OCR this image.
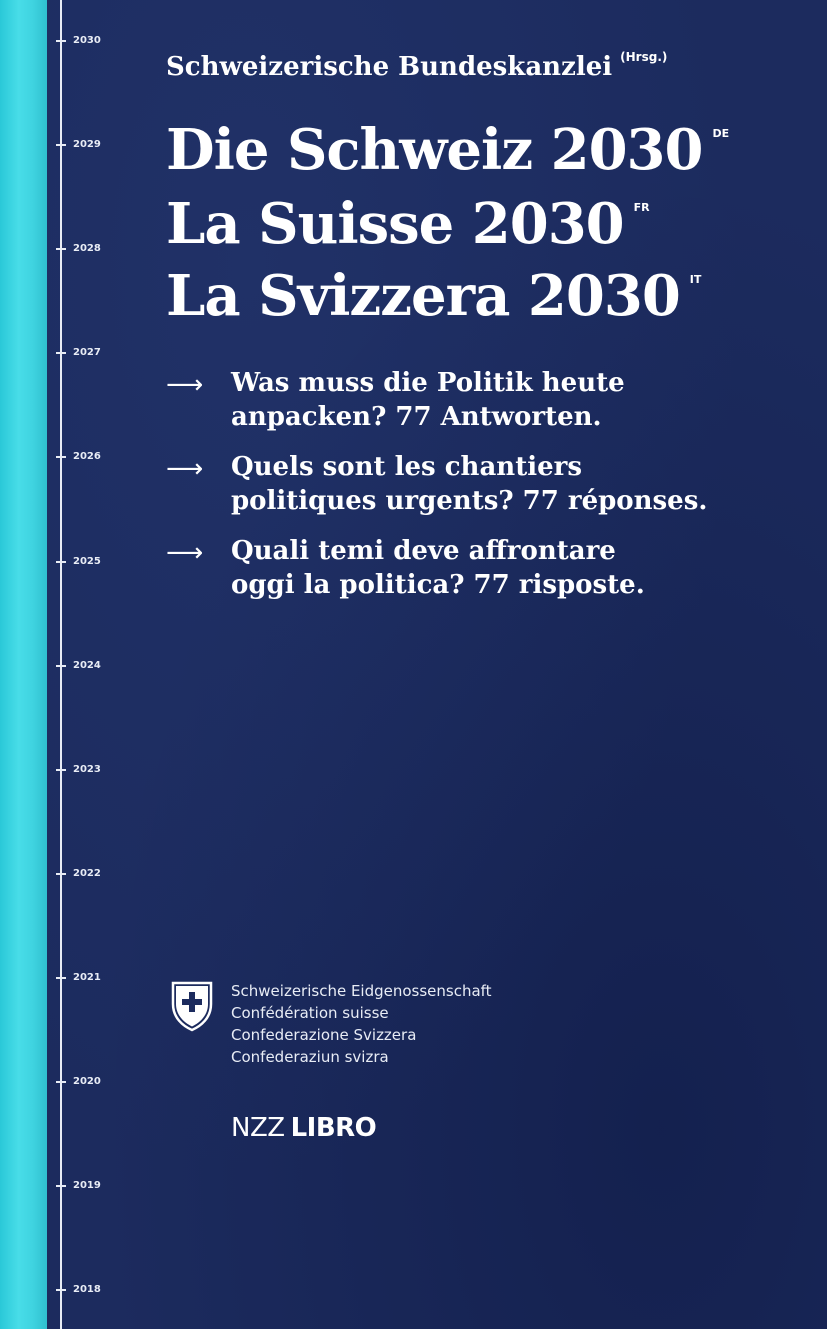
2030
2029
2028
2027
2026
2025
2024
2023
2022
2021
2020
2019
2018
Schweizerische Bundeskanzlei $^{(Hrsg.)}$
Die Schweiz 2030 $^{DE}$
La Suisse 2030 $^{FR}$
La Svizzera 2030 $^{IT}$
⟶ Was muss die Politik heute
anpacken? 77 Antworten.
⟶ Quels sont les chantiers
politiques urgents? 77 réponses.
⟶ Quali temi deve affrontare
oggi la politica? 77 risposte.
Schweizerische Eidgenossenschaft
Confédération suisse
Confederazione Svizzera
Confederaziun svizra
NZZ LIBRO
